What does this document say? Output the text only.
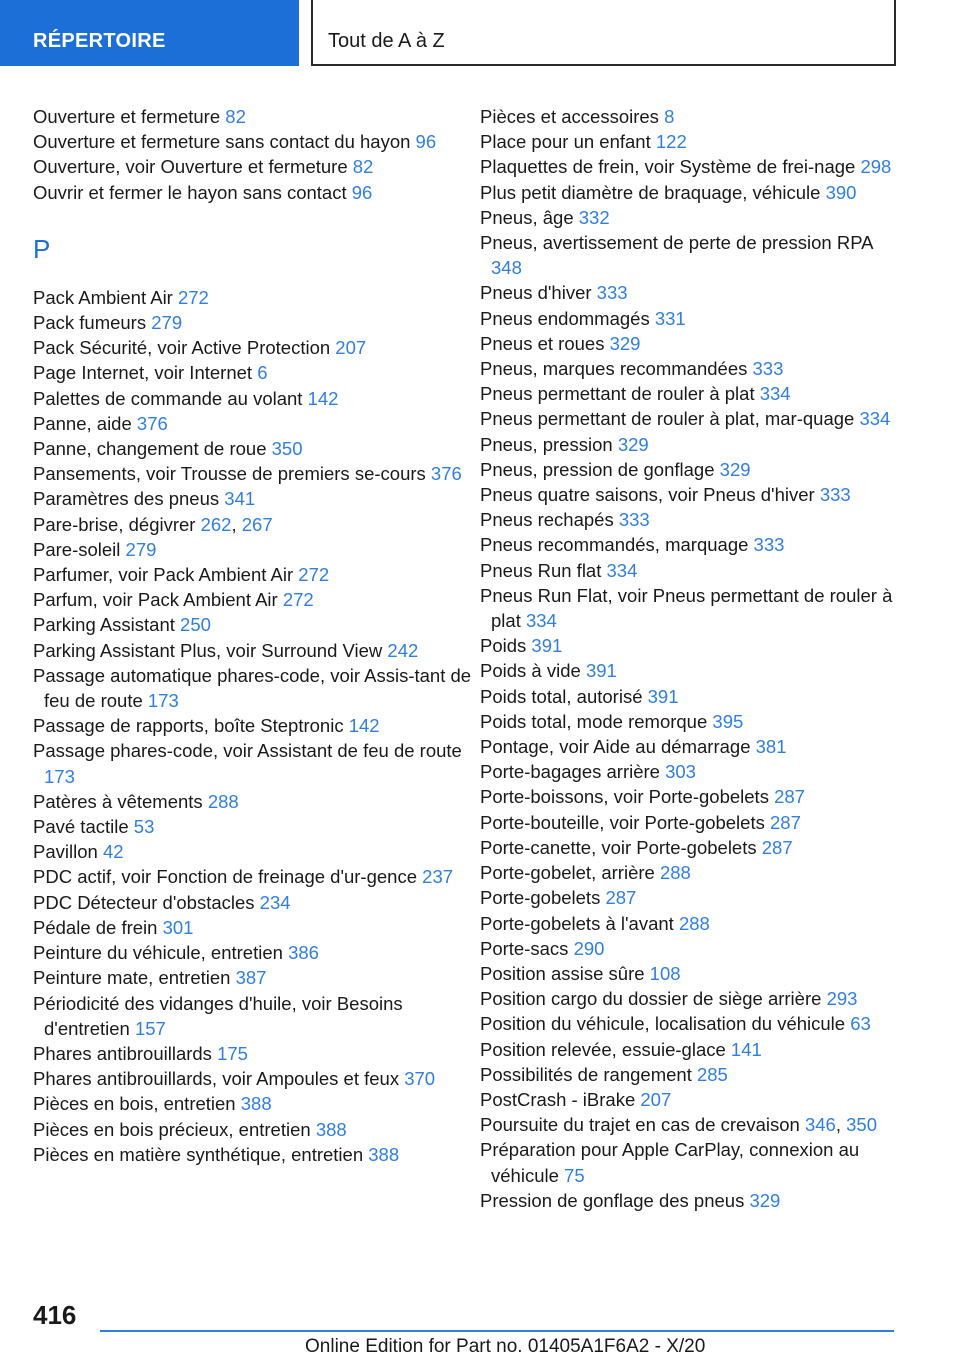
RÉPERTOIRE	Tout de A à Z
Ouverture et fermeture 82
Ouverture et fermeture sans contact du hayon 96
Ouverture, voir Ouverture et fermeture 82
Ouvrir et fermer le hayon sans contact 96
P
Pack Ambient Air 272
Pack fumeurs 279
Pack Sécurité, voir Active Protection 207
Page Internet, voir Internet 6
Palettes de commande au volant 142
Panne, aide 376
Panne, changement de roue 350
Pansements, voir Trousse de premiers se-cours 376
Paramètres des pneus 341
Pare-brise, dégivrer 262, 267
Pare-soleil 279
Parfumer, voir Pack Ambient Air 272
Parfum, voir Pack Ambient Air 272
Parking Assistant 250
Parking Assistant Plus, voir Surround View 242
Passage automatique phares-code, voir Assis-tant de feu de route 173
Passage de rapports, boîte Steptronic 142
Passage phares-code, voir Assistant de feu de route 173
Patères à vêtements 288
Pavé tactile 53
Pavillon 42
PDC actif, voir Fonction de freinage d'ur-gence 237
PDC Détecteur d'obstacles 234
Pédale de frein 301
Peinture du véhicule, entretien 386
Peinture mate, entretien 387
Périodicité des vidanges d'huile, voir Besoins d'entretien 157
Phares antibrouillards 175
Phares antibrouillards, voir Ampoules et feux 370
Pièces en bois, entretien 388
Pièces en bois précieux, entretien 388
Pièces en matière synthétique, entretien 388
Pièces et accessoires 8
Place pour un enfant 122
Plaquettes de frein, voir Système de frei-nage 298
Plus petit diamètre de braquage, véhicule 390
Pneus, âge 332
Pneus, avertissement de perte de pression RPA 348
Pneus d'hiver 333
Pneus endommagés 331
Pneus et roues 329
Pneus, marques recommandées 333
Pneus permettant de rouler à plat 334
Pneus permettant de rouler à plat, mar-quage 334
Pneus, pression 329
Pneus, pression de gonflage 329
Pneus quatre saisons, voir Pneus d'hiver 333
Pneus rechapés 333
Pneus recommandés, marquage 333
Pneus Run flat 334
Pneus Run Flat, voir Pneus permettant de rouler à plat 334
Poids 391
Poids à vide 391
Poids total, autorisé 391
Poids total, mode remorque 395
Pontage, voir Aide au démarrage 381
Porte-bagages arrière 303
Porte-boissons, voir Porte-gobelets 287
Porte-bouteille, voir Porte-gobelets 287
Porte-canette, voir Porte-gobelets 287
Porte-gobelet, arrière 288
Porte-gobelets 287
Porte-gobelets à l'avant 288
Porte-sacs 290
Position assise sûre 108
Position cargo du dossier de siège arrière 293
Position du véhicule, localisation du véhicule 63
Position relevée, essuie-glace 141
Possibilités de rangement 285
PostCrash - iBrake 207
Poursuite du trajet en cas de crevaison 346, 350
Préparation pour Apple CarPlay, connexion au véhicule 75
Pression de gonflage des pneus 329
416
Online Edition for Part no. 01405A1F6A2 - X/20
